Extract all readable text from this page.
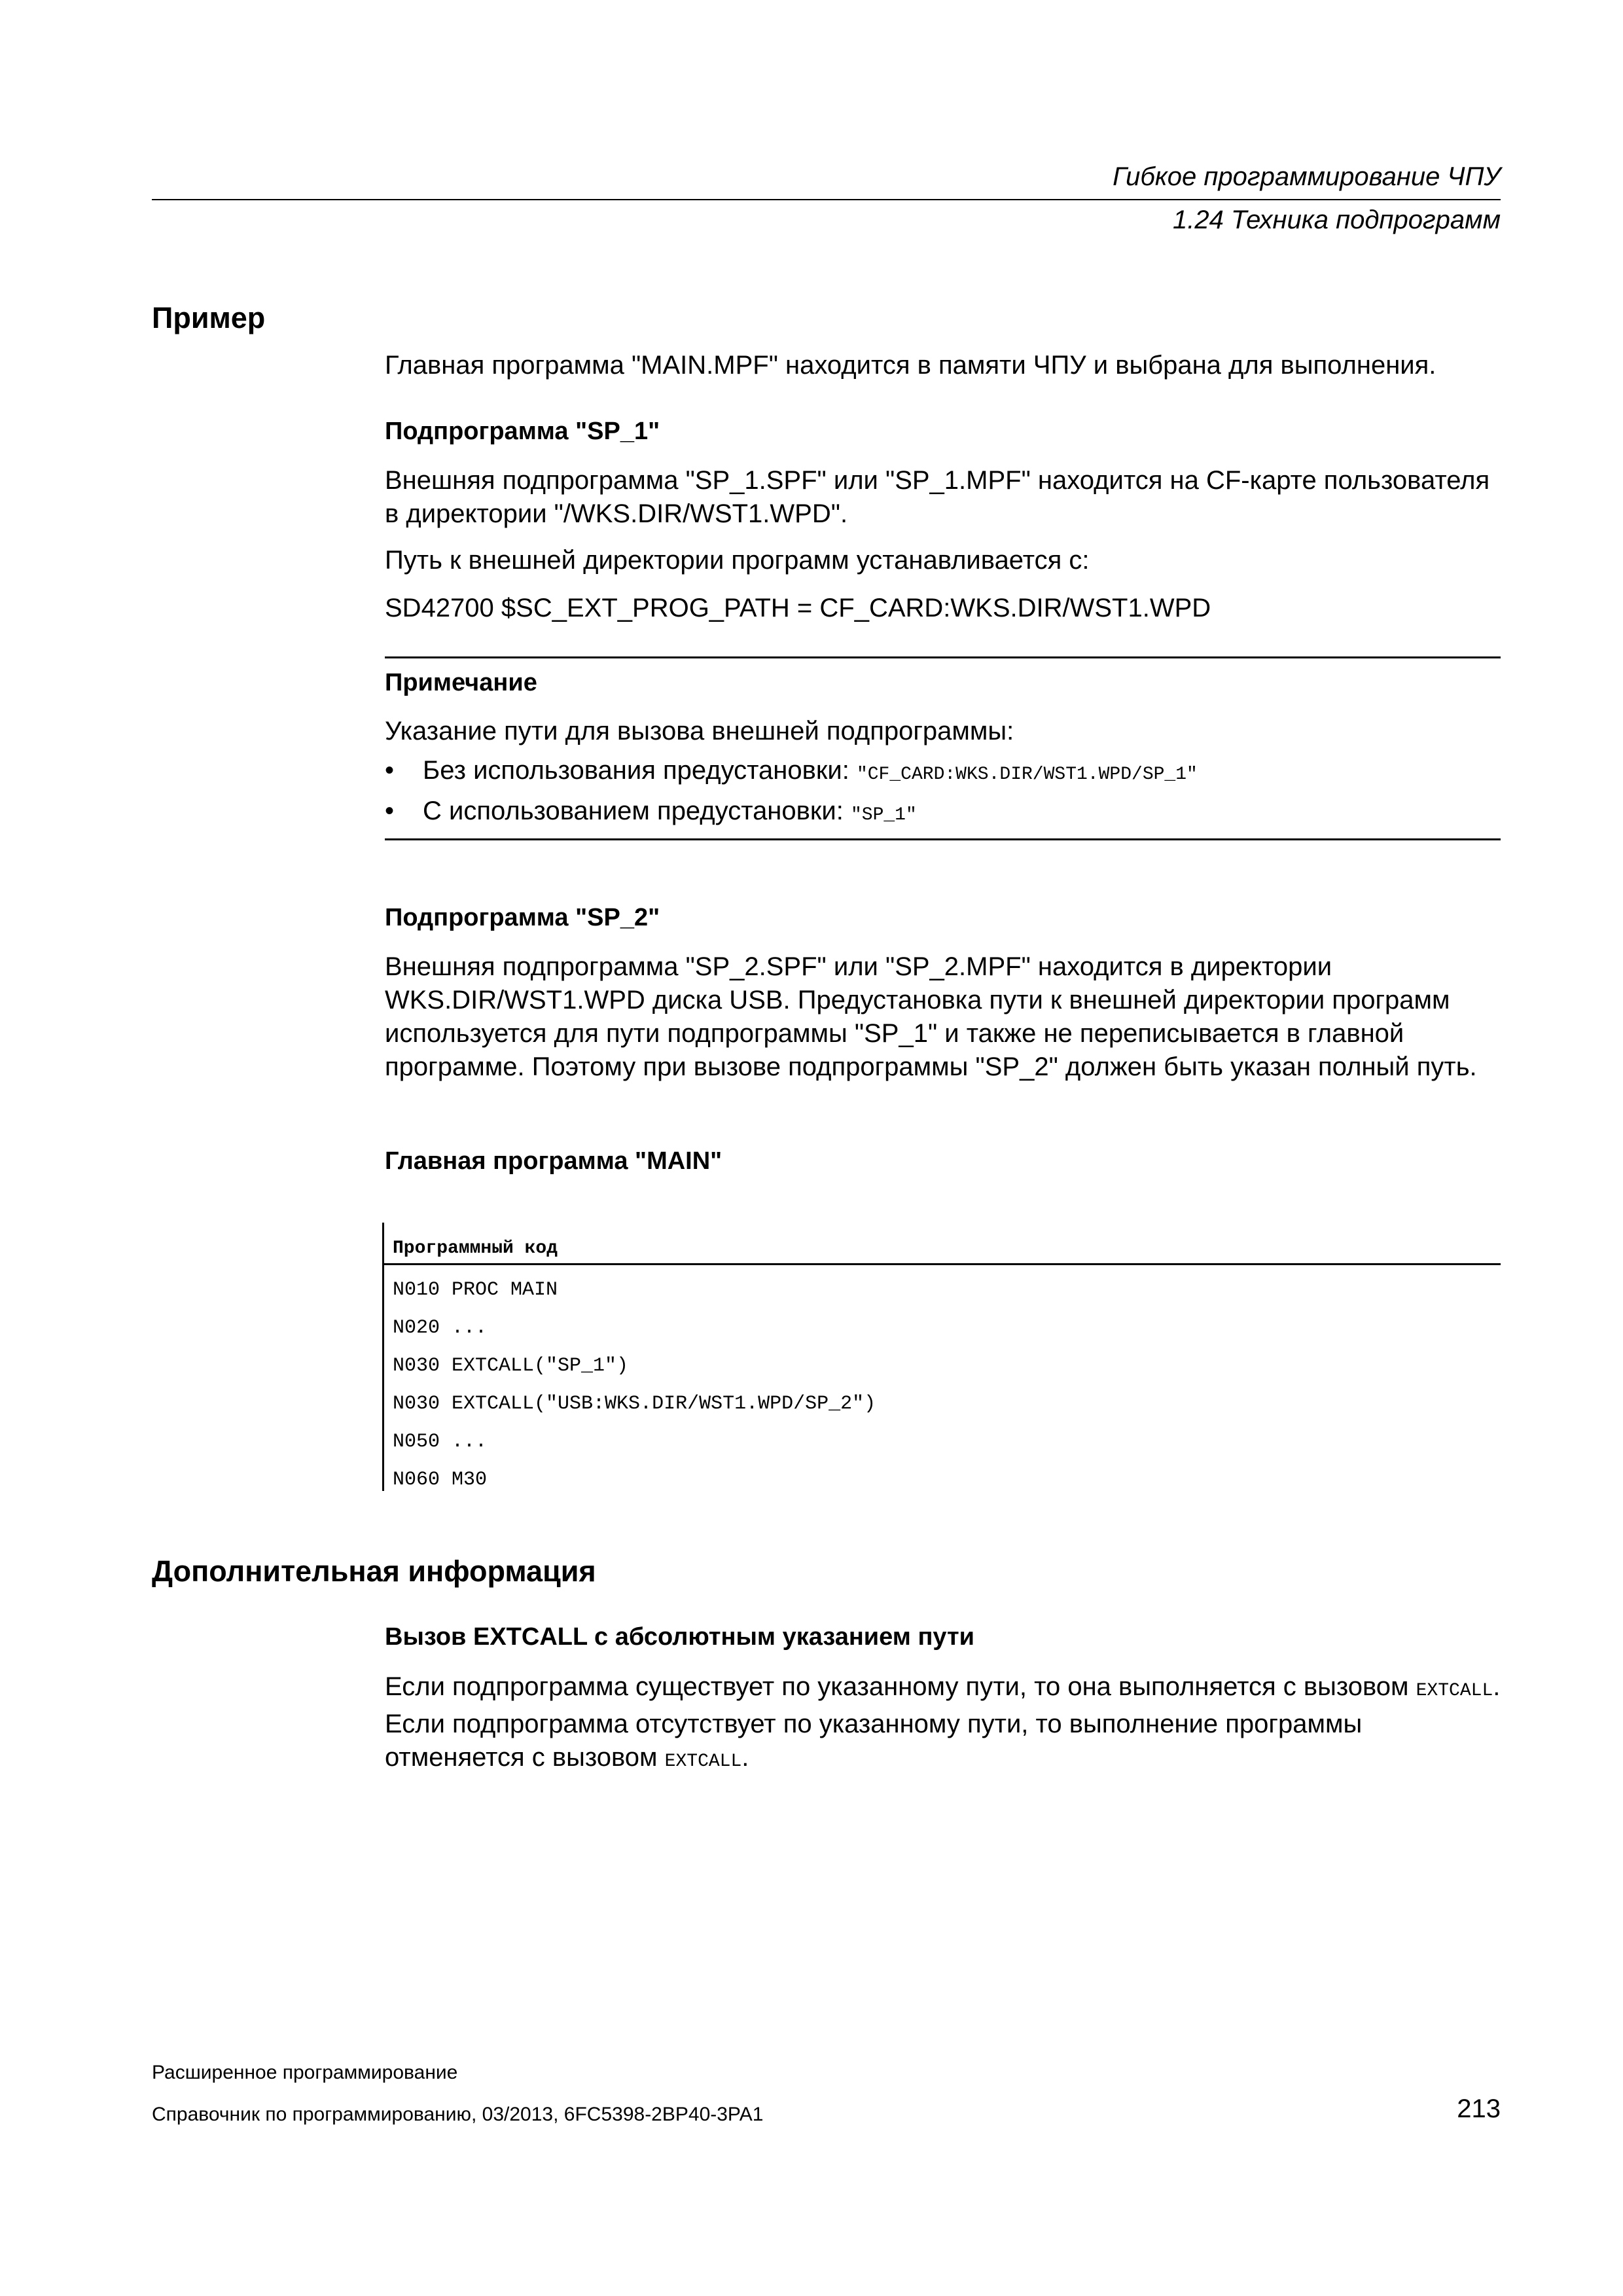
Гибкое программирование ЧПУ
1.24 Техника подпрограмм
Пример
Главная программа "MAIN.MPF" находится в памяти ЧПУ и выбрана для выполнения.
Подпрограмма "SP_1"
Внешняя подпрограмма "SP_1.SPF" или "SP_1.MPF" находится на CF-карте пользователя в директории "/WKS.DIR/WST1.WPD".
Путь к внешней директории программ устанавливается с:
SD42700 $SC_EXT_PROG_PATH = CF_CARD:WKS.DIR/WST1.WPD
Примечание
Указание пути для вызова внешней подпрограммы:
• Без использования предустановки: "CF_CARD:WKS.DIR/WST1.WPD/SP_1"
• С использованием предустановки: "SP_1"
Подпрограмма "SP_2"
Внешняя подпрограмма "SP_2.SPF" или "SP_2.MPF" находится в директории WKS.DIR/WST1.WPD диска USB. Предустановка пути к внешней директории программ используется для пути подпрограммы "SP_1" и также не переписывается в главной программе. Поэтому при вызове подпрограммы "SP_2" должен быть указан полный путь.
Главная программа "MAIN"
Программный код
N010 PROC MAIN
N020 ...
N030 EXTCALL("SP_1")
N030 EXTCALL("USB:WKS.DIR/WST1.WPD/SP_2")
N050 ...
N060 M30
Дополнительная информация
Вызов EXTCALL с абсолютным указанием пути
Если подпрограмма существует по указанному пути, то она выполняется с вызовом EXTCALL. Если подпрограмма отсутствует по указанному пути, то выполнение программы отменяется с вызовом EXTCALL.
Расширенное программирование
Справочник по программированию, 03/2013, 6FC5398-2BP40-3PA1	213
